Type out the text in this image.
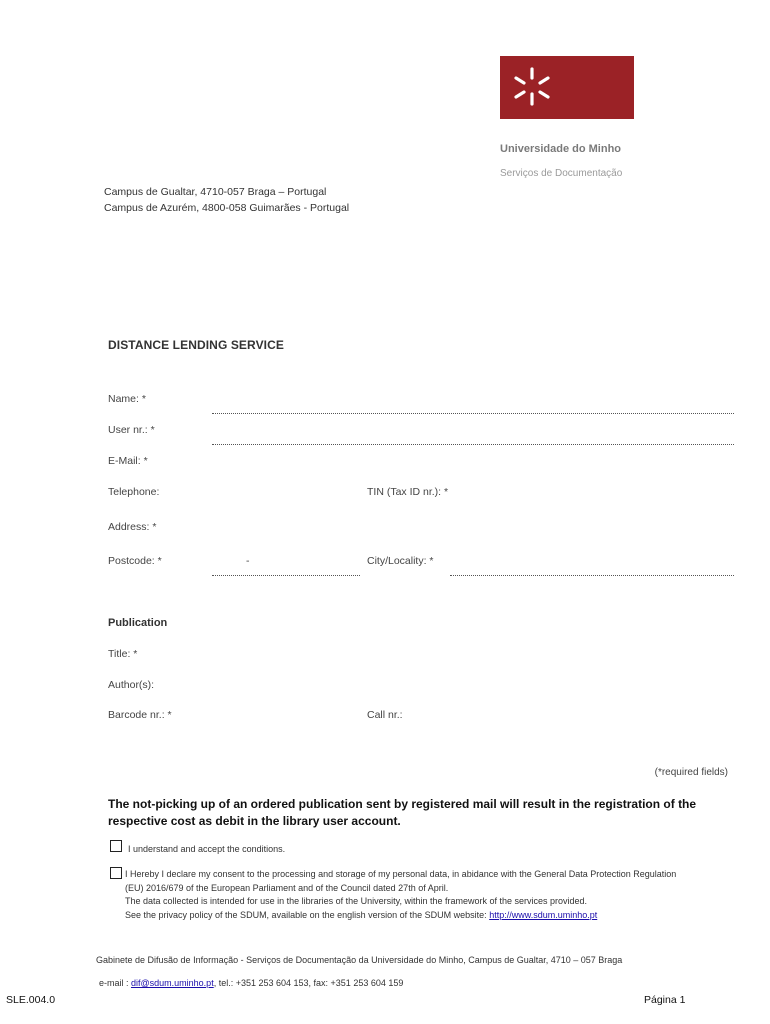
Universidade do Minho
Serviços de Documentação
Campus de Gualtar, 4710-057 Braga – Portugal
Campus de Azurém, 4800-058 Guimarães - Portugal
DISTANCE LENDING SERVICE
Name: *
User nr.: *
E-Mail: *
Telephone:	TIN (Tax ID nr.): *
Address: *
Postcode: *	-	City/Locality: *
Publication
Title: *
Author(s):
Barcode nr.: *	Call nr.:
(*required fields)
The not-picking up of an ordered publication sent by registered mail will result in the registration of the respective cost as debit in the library user account.
I understand and accept the conditions.
I Hereby I declare my consent to the processing and storage of my personal data, in abidance with the General Data Protection Regulation
(EU) 2016/679 of the European Parliament and of the Council dated 27th of April.
The data collected is intended for use in the libraries of the University, within the framework of the services provided.
See the privacy policy of the SDUM, available on the english version of the SDUM website: http://www.sdum.uminho.pt
Gabinete de Difusão de Informação - Serviços de Documentação da Universidade do Minho, Campus de Gualtar, 4710 – 057 Braga
e-mail : dif@sdum.uminho.pt, tel.: +351 253 604 153, fax: +351 253 604 159
SLE.004.0	Página 1
